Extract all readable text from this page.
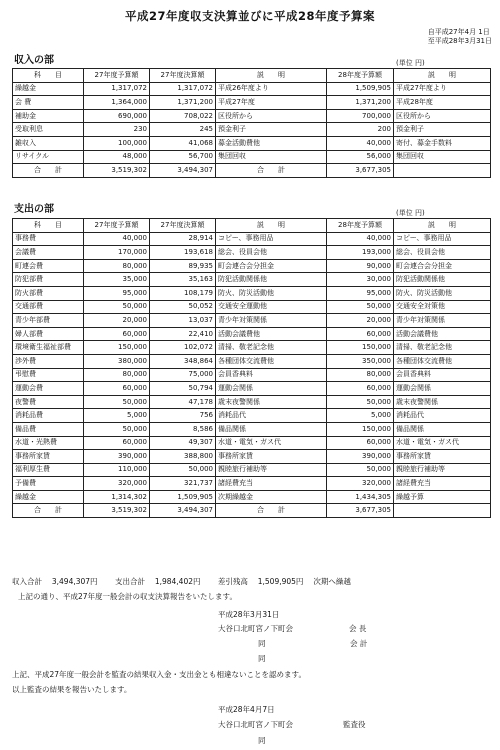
平成27年度収支決算並びに平成28年度予算案
自平成27年4月 1日
至平成28年3月31日
収入の部	(単位 円)
科　　目	27年度予算額	27年度決算額	説　　明	28年度予算額	説　　明
繰越金	1,317,072	1,317,072	平成26年度より	1,509,905	平成27年度より
会 費	1,364,000	1,371,200	平成27年度	1,371,200	平成28年度
補助金	690,000	708,022	区役所から	700,000	区役所から
受取利息	230	245	預金利子	200	預金利子
雑収入	100,000	41,068	募金活動費他	40,000	寄付、募金手数料
リサイクル	48,000	56,700	集団回収	56,000	集団回収
合　　計	3,519,302	3,494,307	合　　計	3,677,305	
支出の部	(単位 円)
科　　目	27年度予算額	27年度決算額	説　　明	28年度予算額	説　　明
事務費	40,000	28,914	コピー、事務用品	40,000	コピー、事務用品
会議費	170,000	193,618	総会、役員会他	193,000	総会、役員会他
町連会費	80,000	89,935	町会連合会分担金	90,000	町会連合会分担金
防犯部費	35,000	35,163	防犯活動関係他	30,000	防犯活動関係他
防火部費	95,000	108,179	防火、防災活動他	95,000	防火、防災活動他
交通部費	50,000	50,052	交通安全運動他	50,000	交通安全対策他
青少年部費	20,000	13,037	青少年対策関係	20,000	青少年対策関係
婦人部費	60,000	22,410	活動会議費他	60,000	活動会議費他
環境衛生福祉部費	150,000	102,072	清掃、敬老記念他	150,000	清掃、敬老記念他
渉外費	380,000	348,864	各種団体交流費他	350,000	各種団体交流費他
弔慰費	80,000	75,000	会員香典料	80,000	会員香典料
運動会費	60,000	50,794	運動会関係	60,000	運動会関係
夜警費	50,000	47,178	歳末夜警関係	50,000	歳末夜警関係
消耗品費	5,000	756	消耗品代	5,000	消耗品代
備品費	50,000	8,586	備品関係	150,000	備品関係
水道・光熱費	60,000	49,307	水道・電気・ガス代	60,000	水道・電気・ガス代
事務所家賃	390,000	388,800	事務所家賃	390,000	事務所家賃
福利厚生費	110,000	50,000	親睦旅行補助等	50,000	親睦旅行補助等
予備費	320,000	321,737	諸経費充当	320,000	諸経費充当
繰越金	1,314,302	1,509,905	次期繰越金	1,434,305	繰越予算
合　　計	3,519,302	3,494,307	合　　計	3,677,305	
収入合計　 3,494,307円　　 支出合計　 1,984,402円　　 差引残高　 1,509,905円　 次期へ繰越
上記の通り、平成27年度一般会計の収支決算報告をいたします。
平成28年3月31日
大谷口北町宮ノ下町会	会 長
同	会 計
同
上記、平成27年度一般会計を監査の結果収入金・支出金とも相違ないことを認めます。
以上監査の結果を報告いたします。
平成28年4月7日
大谷口北町宮ノ下町会	監査役
同
